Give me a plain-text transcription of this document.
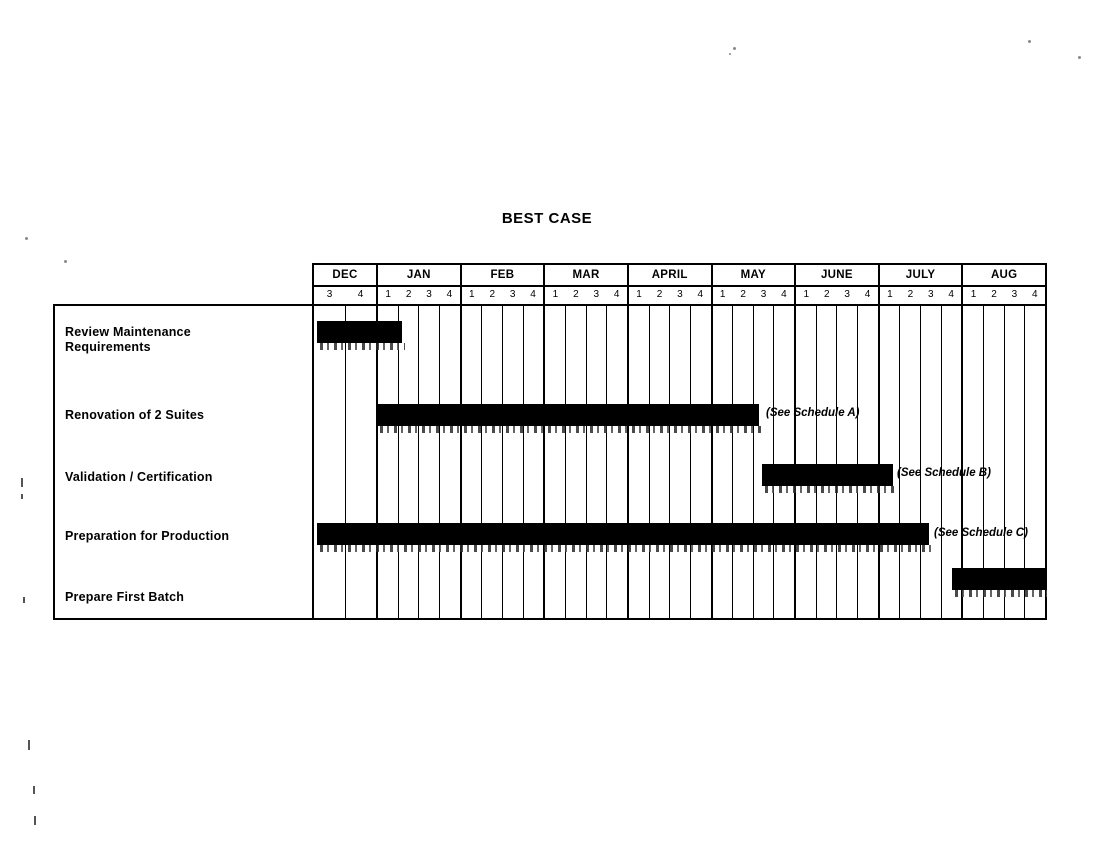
BEST CASE
Review Maintenance
Requirements
Renovation of 2 Suites
Validation / Certification
Preparation for Production
Prepare First Batch
DEC	JAN	FEB	MAR	APRIL	MAY	JUNE	JULY	AUG
3	4	1	2	3	4	1	2	3	4	1	2	3	4	1	2	3	4	1	2	3	4	1	2	3	4	1	2	3	4	1	2	3	4
(See Schedule A)
(See Schedule B)
(See Schedule C)
